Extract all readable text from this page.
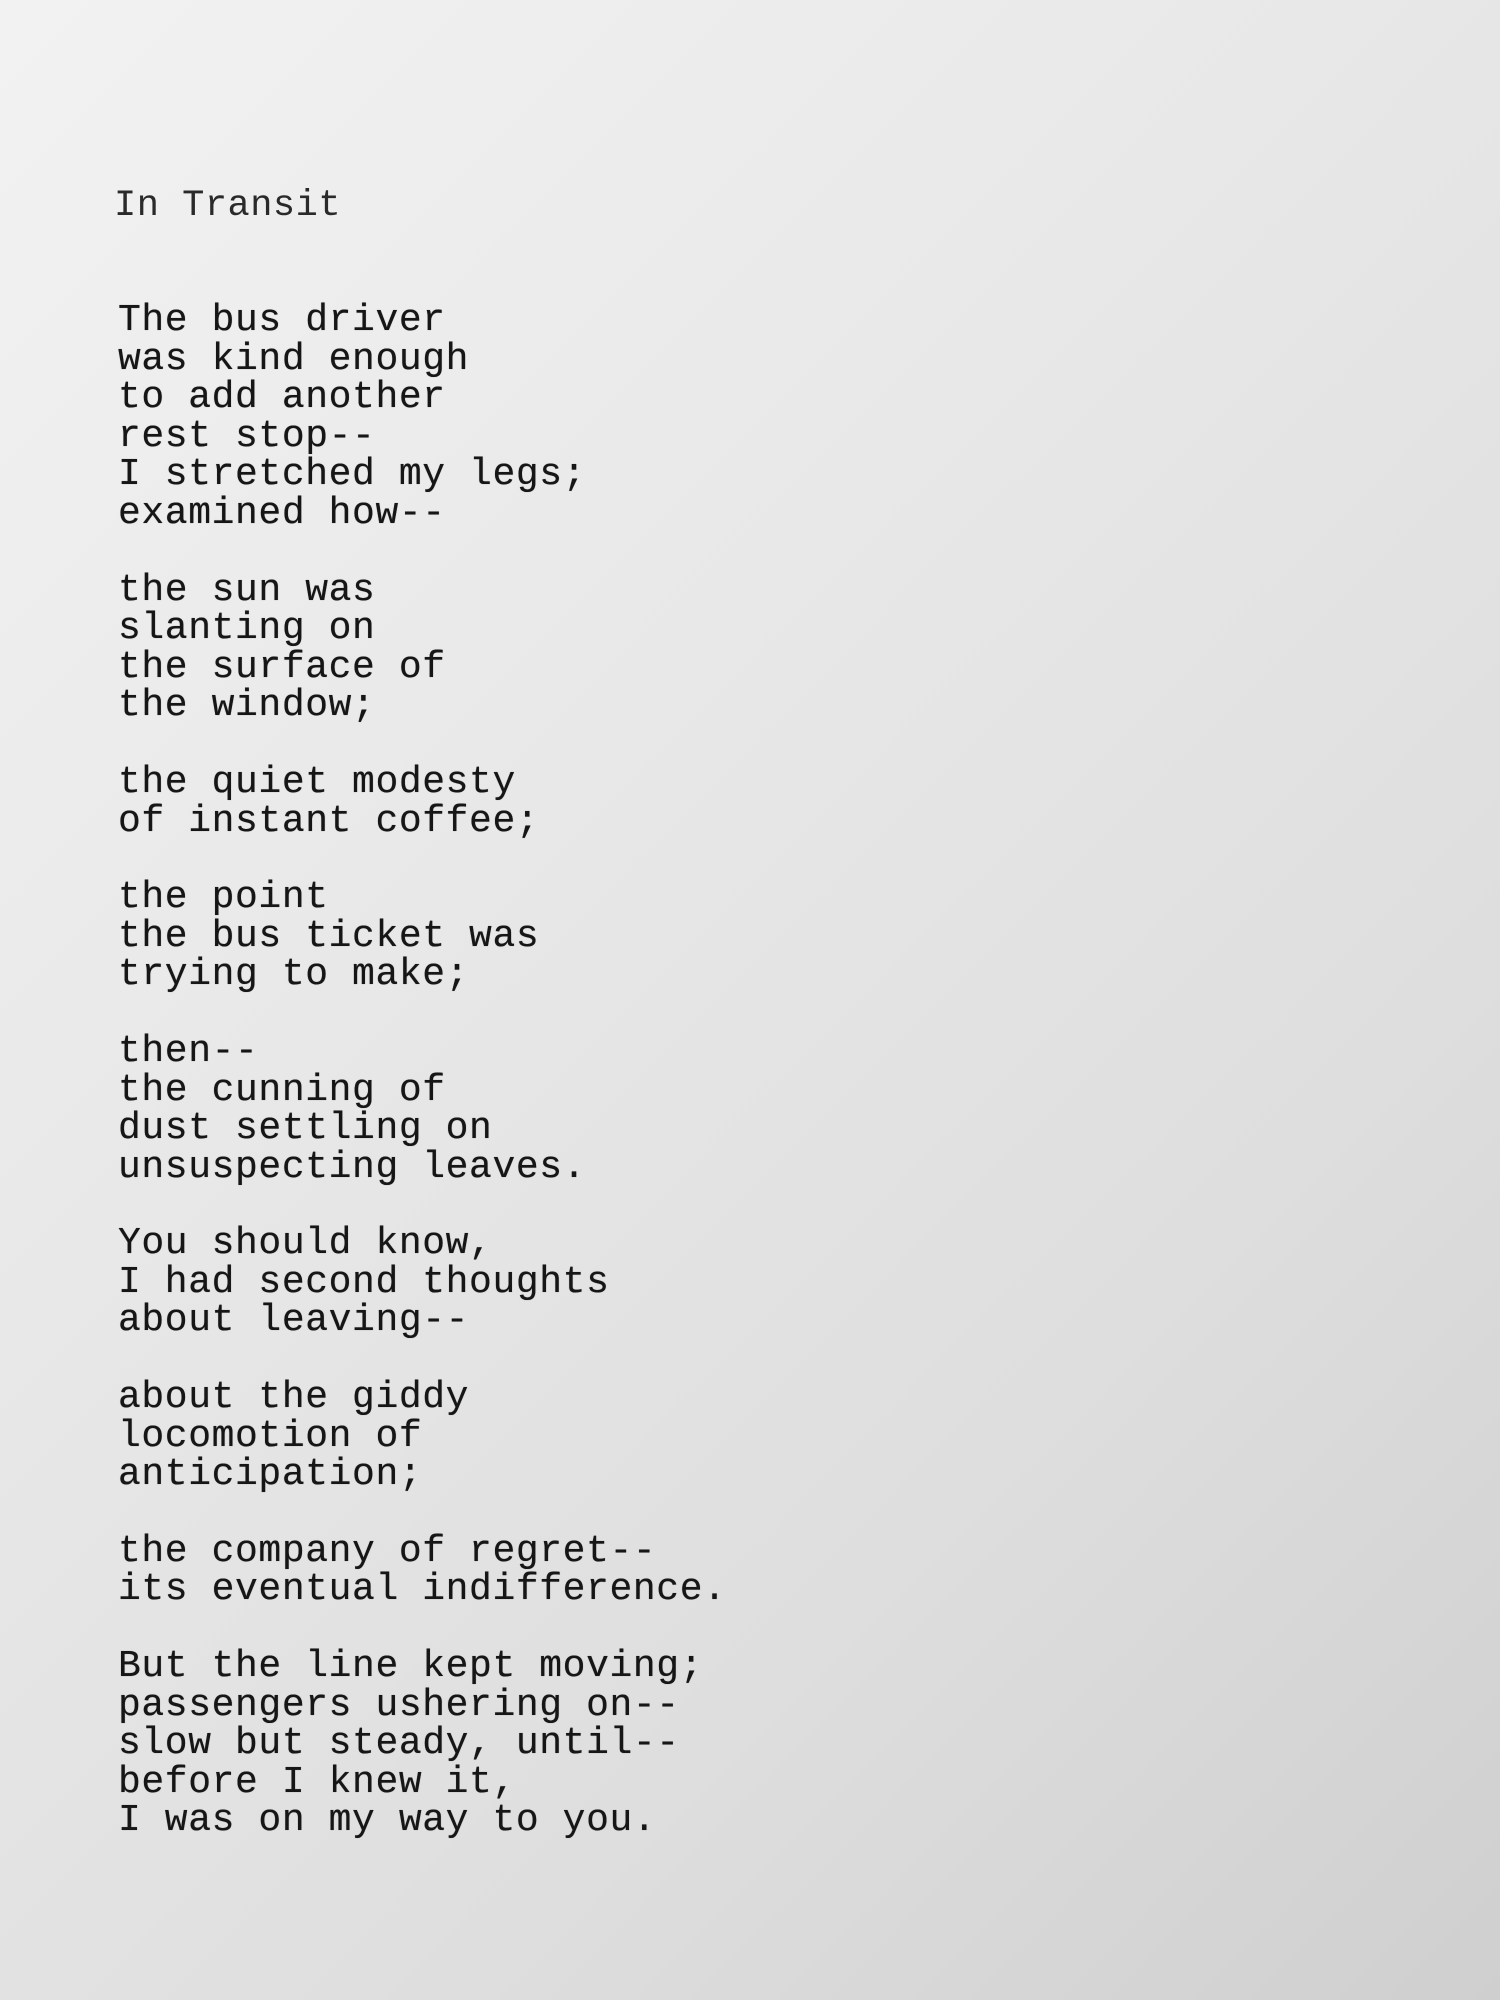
In Transit
The bus driver
was kind enough
to add another
rest stop--
I stretched my legs;
examined how--
the sun was
slanting on
the surface of
the window;
the quiet modesty
of instant coffee;
the point
the bus ticket was
trying to make;
then--
the cunning of
dust settling on
unsuspecting leaves.
You should know,
I had second thoughts
about leaving--
about the giddy
locomotion of
anticipation;
the company of regret--
its eventual indifference.
But the line kept moving;
passengers ushering on--
slow but steady, until--
before I knew it,
I was on my way to you.
